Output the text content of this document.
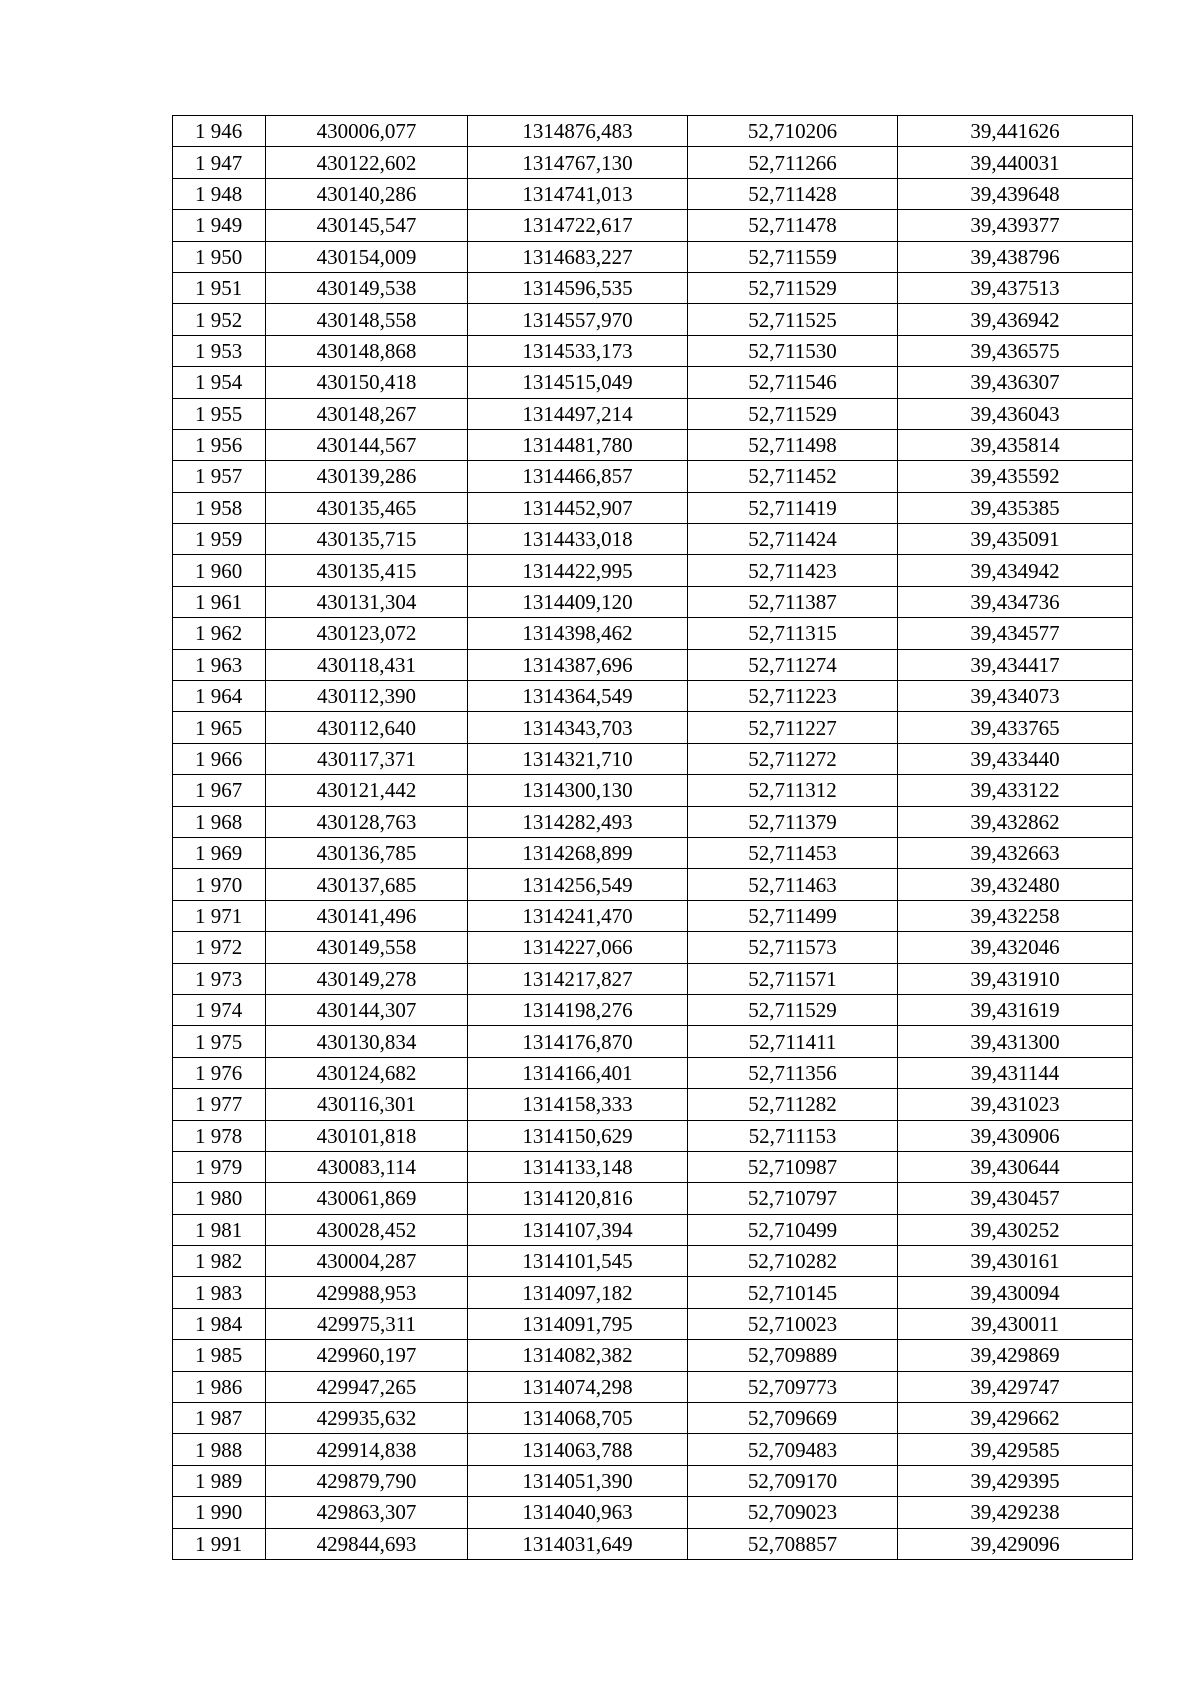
1 946	430006,077	1314876,483	52,710206	39,441626
1 947	430122,602	1314767,130	52,711266	39,440031
1 948	430140,286	1314741,013	52,711428	39,439648
1 949	430145,547	1314722,617	52,711478	39,439377
1 950	430154,009	1314683,227	52,711559	39,438796
1 951	430149,538	1314596,535	52,711529	39,437513
1 952	430148,558	1314557,970	52,711525	39,436942
1 953	430148,868	1314533,173	52,711530	39,436575
1 954	430150,418	1314515,049	52,711546	39,436307
1 955	430148,267	1314497,214	52,711529	39,436043
1 956	430144,567	1314481,780	52,711498	39,435814
1 957	430139,286	1314466,857	52,711452	39,435592
1 958	430135,465	1314452,907	52,711419	39,435385
1 959	430135,715	1314433,018	52,711424	39,435091
1 960	430135,415	1314422,995	52,711423	39,434942
1 961	430131,304	1314409,120	52,711387	39,434736
1 962	430123,072	1314398,462	52,711315	39,434577
1 963	430118,431	1314387,696	52,711274	39,434417
1 964	430112,390	1314364,549	52,711223	39,434073
1 965	430112,640	1314343,703	52,711227	39,433765
1 966	430117,371	1314321,710	52,711272	39,433440
1 967	430121,442	1314300,130	52,711312	39,433122
1 968	430128,763	1314282,493	52,711379	39,432862
1 969	430136,785	1314268,899	52,711453	39,432663
1 970	430137,685	1314256,549	52,711463	39,432480
1 971	430141,496	1314241,470	52,711499	39,432258
1 972	430149,558	1314227,066	52,711573	39,432046
1 973	430149,278	1314217,827	52,711571	39,431910
1 974	430144,307	1314198,276	52,711529	39,431619
1 975	430130,834	1314176,870	52,711411	39,431300
1 976	430124,682	1314166,401	52,711356	39,431144
1 977	430116,301	1314158,333	52,711282	39,431023
1 978	430101,818	1314150,629	52,711153	39,430906
1 979	430083,114	1314133,148	52,710987	39,430644
1 980	430061,869	1314120,816	52,710797	39,430457
1 981	430028,452	1314107,394	52,710499	39,430252
1 982	430004,287	1314101,545	52,710282	39,430161
1 983	429988,953	1314097,182	52,710145	39,430094
1 984	429975,311	1314091,795	52,710023	39,430011
1 985	429960,197	1314082,382	52,709889	39,429869
1 986	429947,265	1314074,298	52,709773	39,429747
1 987	429935,632	1314068,705	52,709669	39,429662
1 988	429914,838	1314063,788	52,709483	39,429585
1 989	429879,790	1314051,390	52,709170	39,429395
1 990	429863,307	1314040,963	52,709023	39,429238
1 991	429844,693	1314031,649	52,708857	39,429096
